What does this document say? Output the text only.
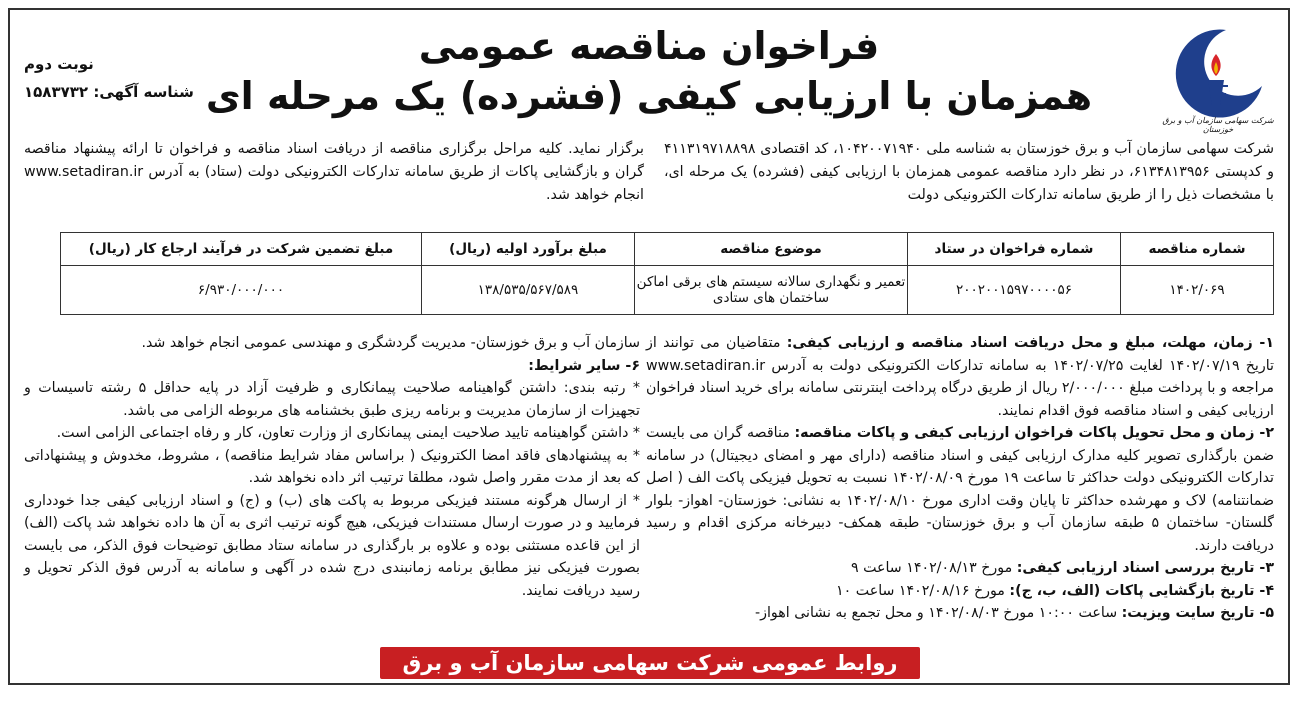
شرکت سهامی سازمان آب و برق خوزستان
فراخوان مناقصه عمومی
همزمان با ارزیابی کیفی (فشرده) یک مرحله ای
نوبت دوم
شناسه آگهی: ۱۵۸۳۷۳۲
شرکت سهامی سازمان آب و برق خوزستان به شناسه ملی ۱۰۴۲۰۰۷۱۹۴۰، کد اقتصادی ۴۱۱۳۱۹۷۱۸۸۹۸ و کدپستی ۶۱۳۴۸۱۳۹۵۶، در نظر دارد مناقصه عمومی همزمان با ارزیابی کیفی (فشرده) یک مرحله ای، با مشخصات ذیل را از طریق سامانه تدارکات الکترونیکی دولت
برگزار نماید. کلیه مراحل برگزاری مناقصه از دریافت اسناد مناقصه و فراخوان تا ارائه پیشنهاد مناقصه گران و بازگشایی پاکات از طریق سامانه تدارکات الکترونیکی دولت (ستاد) به آدرس www.setadiran.ir انجام خواهد شد.
شماره مناقصه	شماره فراخوان در ستاد	موضوع مناقصه	مبلغ برآورد اولیه (ریال)	مبلغ تضمین شرکت در فرآیند ارجاع کار (ریال)
۱۴۰۲/۰۶۹	۲۰۰۲۰۰۱۵۹۷۰۰۰۰۵۶	تعمیر و نگهداری سالانه سیستم های برقی اماکن ساختمان های ستادی	۱۳۸/۵۳۵/۵۶۷/۵۸۹	۶/۹۳۰/۰۰۰/۰۰۰

۱- زمان، مهلت، مبلغ و محل دریافت اسناد مناقصه و ارزیابی کیفی: متقاضیان می توانند از تاریخ ۱۴۰۲/۰۷/۱۹ لغایت ۱۴۰۲/۰۷/۲۵ به سامانه تدارکات الکترونیکی دولت به آدرس www.setadiran.ir مراجعه و با پرداخت مبلغ ۲/۰۰۰/۰۰۰ ریال از طریق درگاه پرداخت اینترنتی سامانه برای خرید اسناد فراخوان ارزیابی کیفی و اسناد مناقصه فوق اقدام نمایند.

۲- زمان و محل تحویل پاکات فراخوان ارزیابی کیفی و پاکات مناقصه: مناقصه گران می بایست ضمن بارگذاری تصویر کلیه مدارک ارزیابی کیفی و اسناد مناقصه (دارای مهر و امضای دیجیتال) در سامانه تدارکات الکترونیکی دولت حداکثر تا ساعت ۱۹ مورخ ۱۴۰۲/۰۸/۰۹ نسبت به تحویل فیزیکی پاکت الف ( اصل ضمانتنامه) لاک و مهرشده حداکثر تا پایان وقت اداری مورخ ۱۴۰۲/۰۸/۱۰ به نشانی: خوزستان- اهواز- بلوار گلستان- ساختمان ۵ طبقه سازمان آب و برق خوزستان- طبقه همکف- دبیرخانه مرکزی اقدام و رسید دریافت دارند.

۳- تاریخ بررسی اسناد ارزیابی کیفی: مورخ ۱۴۰۲/۰۸/۱۳ ساعت ۹

۴- تاریخ بازگشایی پاکات (الف، ب، ج): مورخ ۱۴۰۲/۰۸/۱۶ ساعت ۱۰

۵- تاریخ سایت ویزیت: ساعت ۱۰:۰۰ مورخ ۱۴۰۲/۰۸/۰۳ و محل تجمع به نشانی اهواز-

سازمان آب و برق خوزستان- مدیریت گردشگری و مهندسی عمومی انجام خواهد شد.

۶- سایر شرایط:

* رتبه بندی: داشتن گواهینامه صلاحیت پیمانکاری و ظرفیت آزاد در پایه حداقل ۵ رشته تاسیسات و تجهیزات از سازمان مدیریت و برنامه ریزی طبق بخشنامه های مربوطه الزامی می باشد.

* داشتن گواهینامه تایید صلاحیت ایمنی پیمانکاری از وزارت تعاون، کار و رفاه اجتماعی الزامی است.

* به پیشنهادهای فاقد امضا الکترونیک ( براساس مفاد شرایط مناقصه) ، مشروط، مخدوش و پیشنهاداتی که بعد از مدت مقرر واصل شود، مطلقا ترتیب اثر داده نخواهد شد.

* از ارسال هرگونه مستند فیزیکی مربوط به پاکت های (ب) و (ج) و اسناد ارزیابی کیفی جدا خودداری فرمایید و در صورت ارسال مستندات فیزیکی، هیچ گونه ترتیب اثری به آن ها داده نخواهد شد پاکت (الف) از این قاعده مستثنی بوده و علاوه بر بارگذاری در سامانه ستاد مطابق توضیحات فوق الذکر، می بایست بصورت فیزیکی نیز مطابق برنامه زمانبندی درج شده در آگهی و سامانه به آدرس فوق الذکر تحویل و رسید دریافت نمایند.

روابط عمومی شرکت سهامی سازمان آب و برق خوزستان
